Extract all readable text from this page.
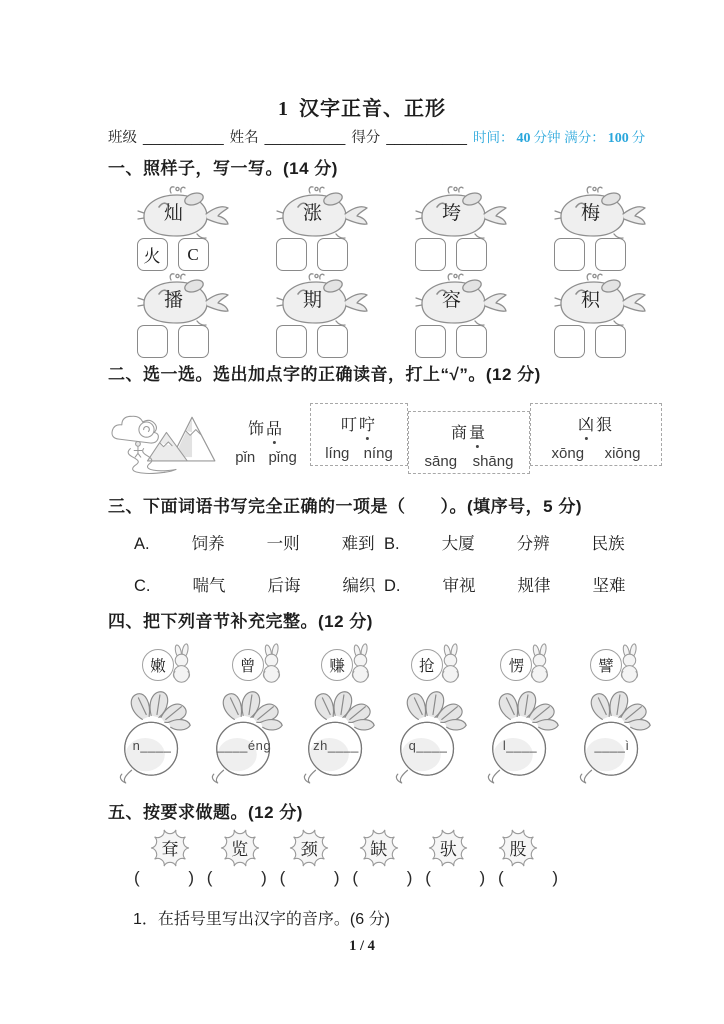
1 汉字正音、正形
班级 __________ 姓名 __________ 得分 __________ 时间： 40 分钟 满分： 100 分
一、照样子，写一写。(14 分)
灿
火 C
涨	垮	梅
播	期	容	积
二、选一选。选出加点字的正确读音，打上“√”。(12 分)
饰品
pǐn pǐng
叮咛
líng níng
商量
sāng shāng
凶狠
xōng xiōng
三、下面词语书写完全正确的一项是（　　）。(填序号，5 分)
A.	饲养	一则	难到 B.	大厦	分辨	民族
C.	喘气	后诲	编织 D.	审视	规律	坚难
四、把下列音节补充完整。(12 分)
嫩	曾	赚	抢	愣	譬
n____	____éng	zh____	q____	l____	____ì
五、按要求做题。(12 分)
耷	览	颈	缺	驮	股
(	) (	) (	) (	) (	) (	)
1．在括号里写出汉字的音序。(6 分)
1 / 4
